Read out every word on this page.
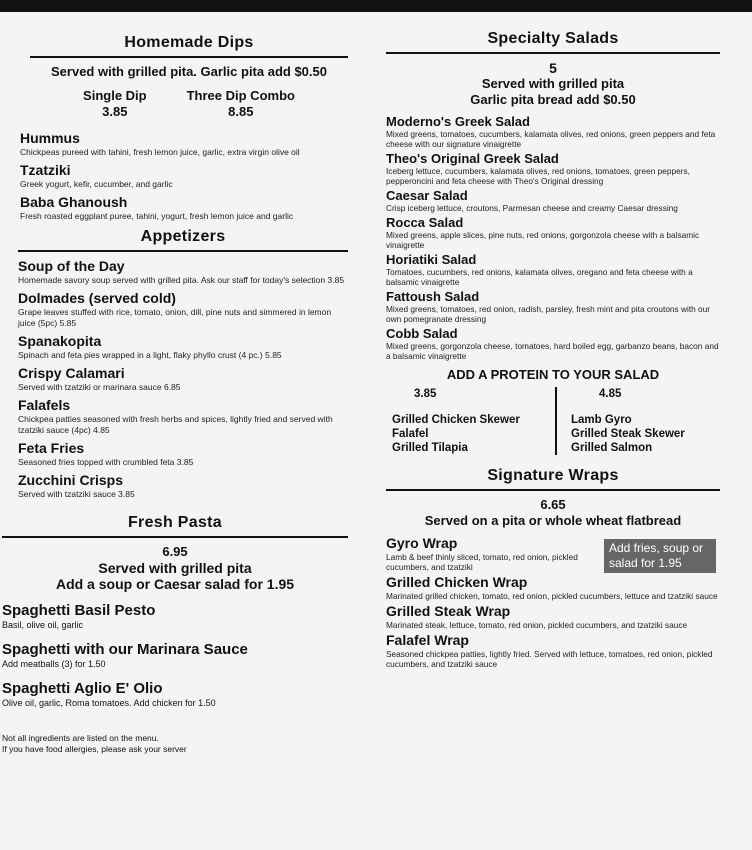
Homemade Dips
Served with grilled pita. Garlic pita add $0.50
Single Dip
3.85
Three Dip Combo
8.85

Hummus

Chickpeas pureed with tahini, fresh lemon juice, garlic, extra virgin olive oil

Tzatziki

Greek yogurt, kefir, cucumber, and garlic

Baba Ghanoush

Fresh roasted eggplant puree, tahini, yogurt, fresh lemon juice and garlic

Appetizers

Soup of the Day

Homemade savory soup served with grilled pita. Ask our staff for today's selection 3.85

Dolmades (served cold)

Grape leaves stuffed with rice, tomato, onion, dill, pine nuts and simmered in lemon juice (5pc) 5.85

Spanakopita

Spinach and feta pies wrapped in a light, flaky phyllo crust (4 pc.) 5.85

Crispy Calamari

Served with tzatziki or marinara sauce 6.85

Falafels

Chickpea patties seasoned with fresh herbs and spices, lightly fried and served with tzatziki sauce (4pc) 4.85

Feta Fries

Seasoned fries topped with crumbled feta 3.85

Zucchini Crisps

Served with tzatziki sauce 3.85

Fresh Pasta
6.95
Served with grilled pita
Add a soup or Caesar salad for 1.95

Spaghetti Basil Pesto

Basil, olive oil, garlic

Spaghetti with our Marinara Sauce

Add meatballs (3) for 1.50

Spaghetti Aglio E' Olio

Olive oil, garlic, Roma tomatoes. Add chicken for 1.50

Not all ingredients are listed on the menu.
If you have food allergies, please ask your server
Specialty Salads
5
Served with grilled pita
Garlic pita bread add $0.50

Moderno's Greek Salad

Mixed greens, tomatoes, cucumbers, kalamata olives, red onions, green peppers and feta cheese with our signature vinaigrette

Theo's Original Greek Salad

Iceberg lettuce, cucumbers, kalamata olives, red onions, tomatoes, green peppers, pepperoncini and feta cheese with Theo's Original dressing

Caesar Salad

Crisp iceberg lettuce, croutons, Parmesan cheese and creamy Caesar dressing

Rocca Salad

Mixed greens, apple slices, pine nuts, red onions, gorgonzola cheese with a balsamic vinaigrette

Horiatiki Salad

Tomatoes, cucumbers, red onions, kalamata olives, oregano and feta cheese with a balsamic vinaigrette

Fattoush Salad

Mixed greens, tomatoes, red onion, radish, parsley, fresh mint and pita croutons with our own pomegranate dressing

Cobb Salad

Mixed greens, gorgonzola cheese, tomatoes, hard boiled egg, garbanzo beans, bacon and a balsamic vinaigrette

ADD A PROTEIN TO YOUR SALAD
3.85
Grilled Chicken Skewer
Falafel
Grilled Tilapia
4.85
Lamb Gyro
Grilled Steak Skewer
Grilled Salmon
Signature Wraps
6.65
Served on a pita or whole wheat flatbread
Add fries, soup or salad for 1.95

Gyro Wrap

Lamb & beef thinly sliced, tomato, red onion, pickled cucumbers, and tzatziki

Grilled Chicken Wrap

Marinated grilled chicken, tomato, red onion, pickled cucumbers, lettuce and tzatziki sauce

Grilled Steak Wrap

Marinated steak, lettuce, tomato, red onion, pickled cucumbers, and tzatziki sauce

Falafel Wrap

Seasoned chickpea patties, lightly fried. Served with lettuce, tomatoes, red onion, pickled cucumbers, and tzatziki sauce
